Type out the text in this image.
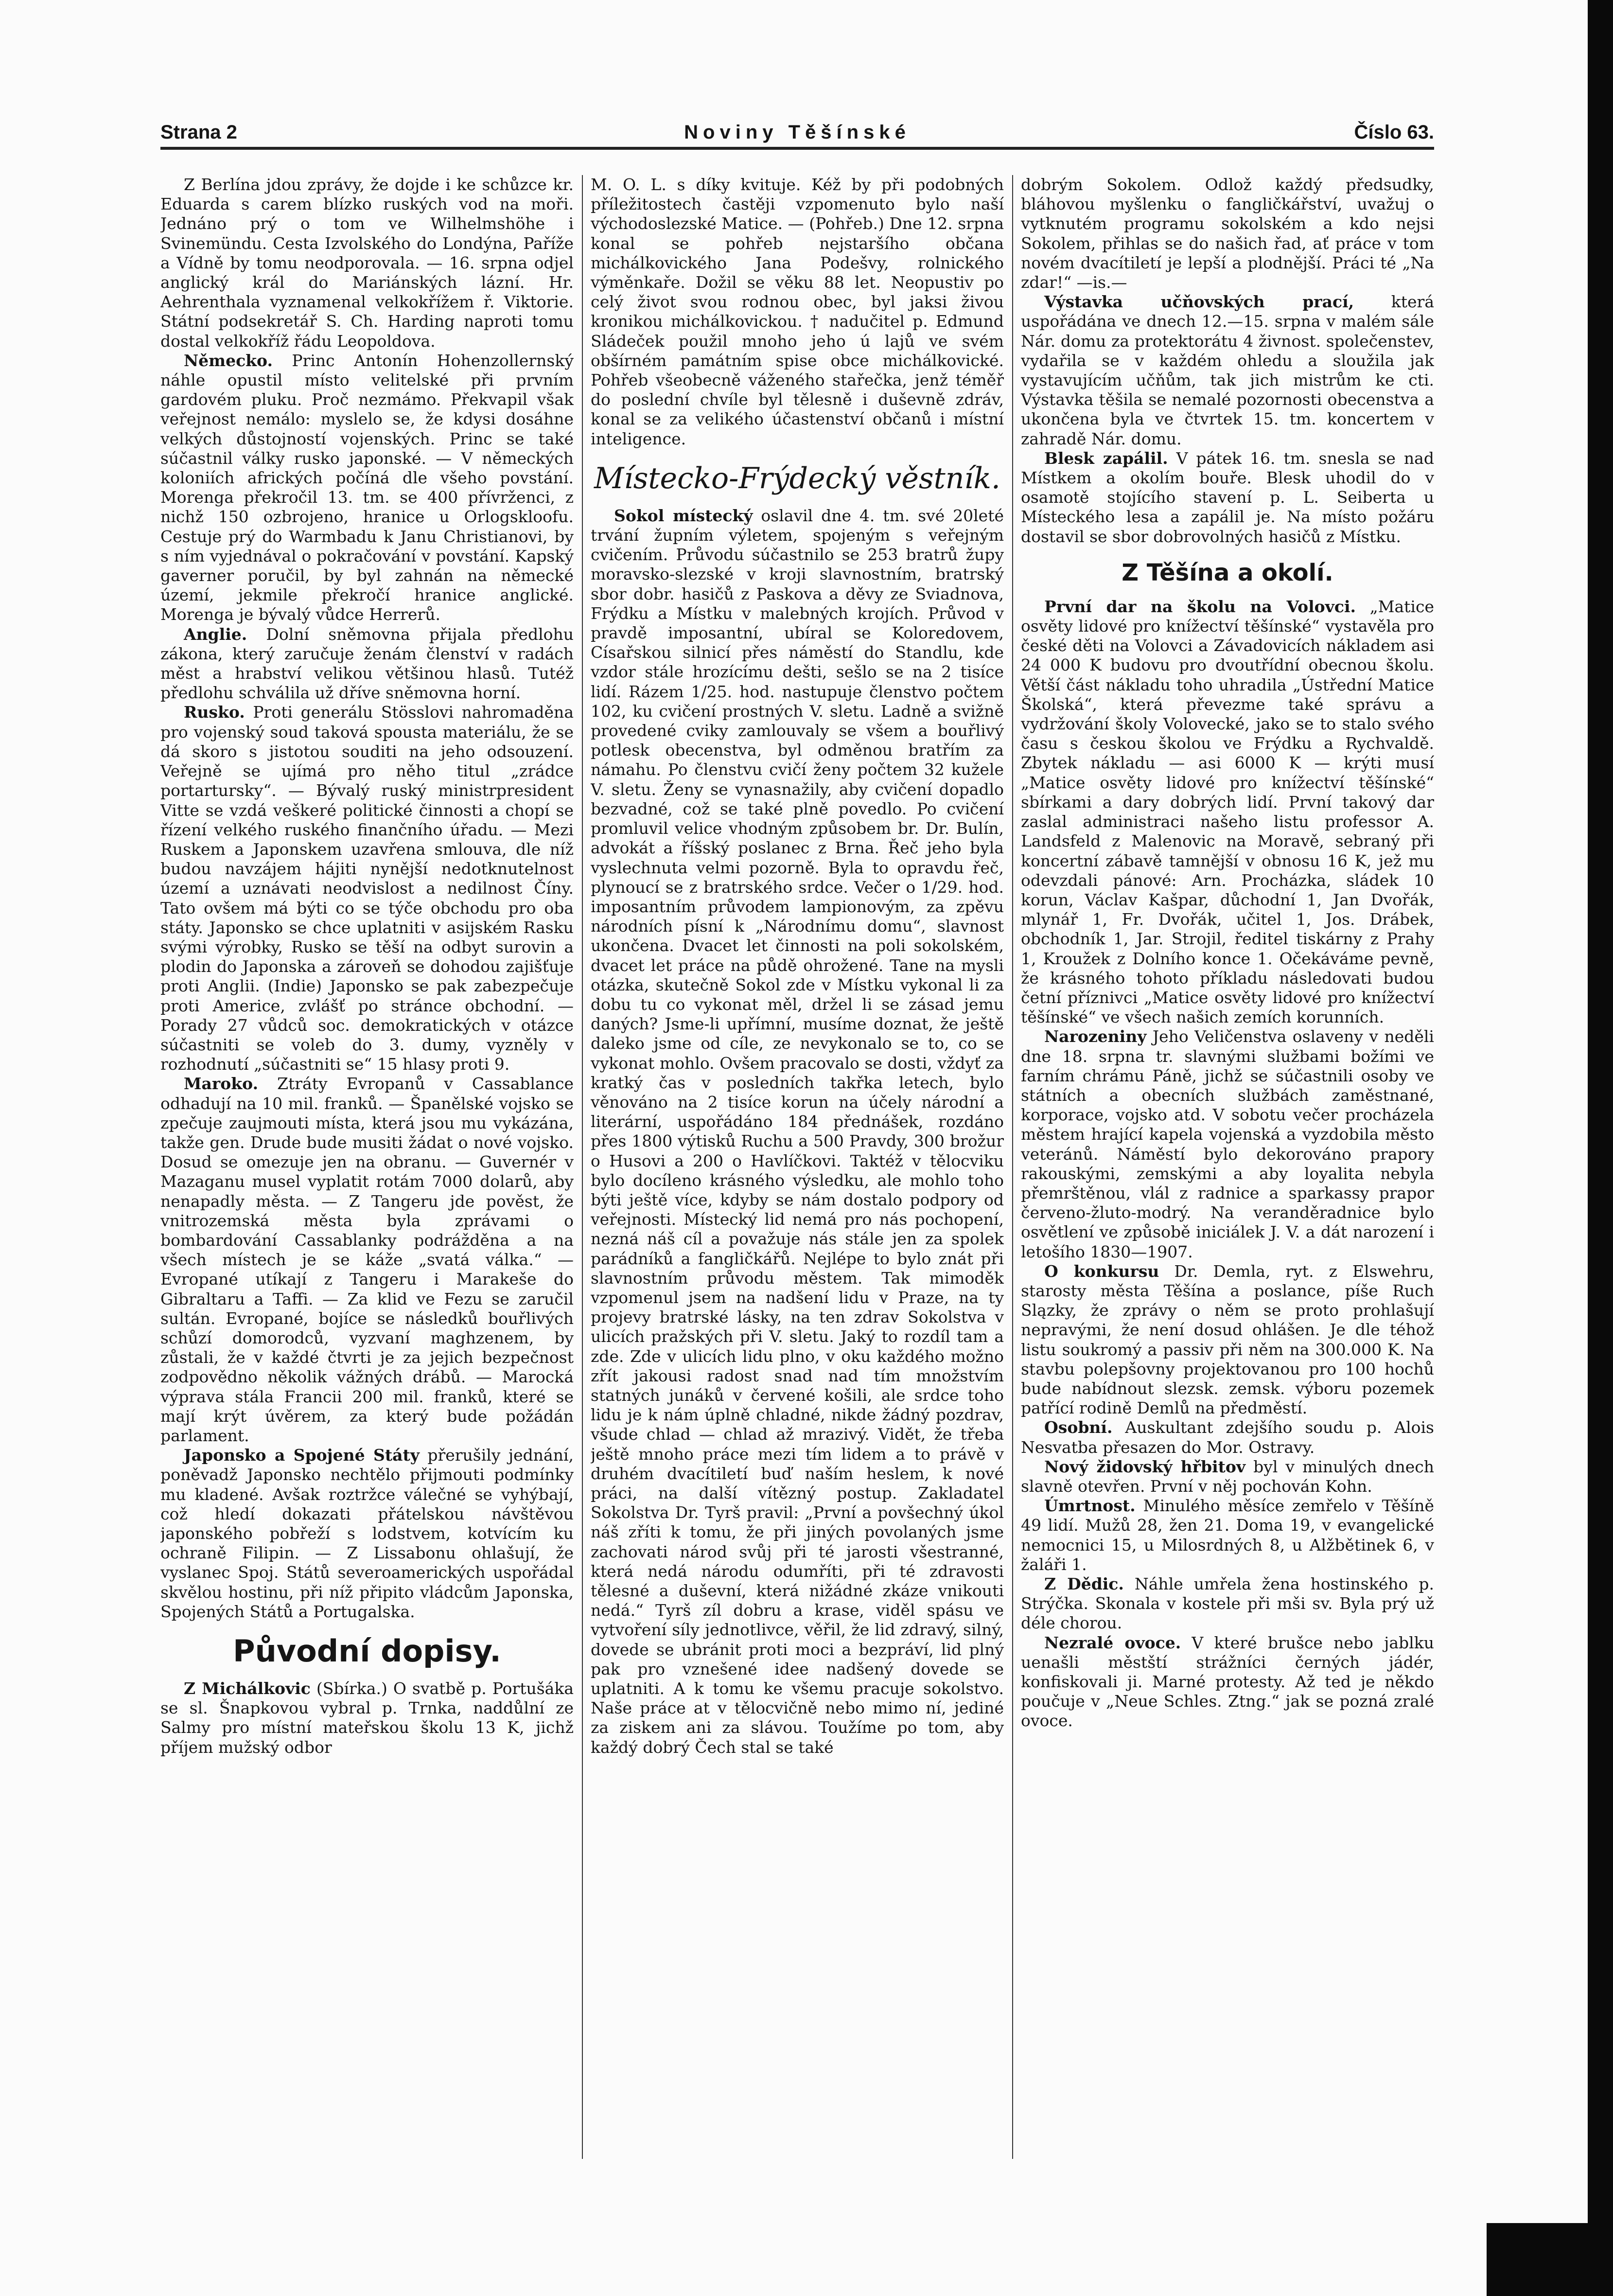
Strana 2	Noviny Těšínské	Číslo 63.

Z Berlína jdou zprávy, že dojde i ke schůzce kr. Eduarda s carem blízko ruských vod na moři. Jednáno prý o tom ve Wilhelmshöhe i Svinemündu. Cesta Izvolského do Londýna, Paříže a Vídně by tomu neodporovala. — 16. srpna odjel anglický král do Mariánských lázní. Hr. Aehrenthala vyznamenal velkokřížem ř. Viktorie. Státní podsekretář S. Ch. Harding naproti tomu dostal velkokříž řádu Leopoldova.

Německo. Princ Antonín Hohenzollernský náhle opustil místo velitelské při prvním gardovém pluku. Proč nezmámo. Překvapil však veřejnost nemálo: myslelo se, že kdysi dosáhne velkých důstojností vojenských. Princ se také súčastnil války rusko japonské. — V německých koloniích afrických počíná dle všeho povstání. Morenga překročil 13. tm. se 400 přívrženci, z nichž 150 ozbrojeno, hranice u Orlogskloofu. Cestuje prý do Warmbadu k Janu Christianovi, by s ním vyjednával o pokračování v povstání. Kapský gaverner poručil, by byl zahnán na německé území, jekmile překročí hranice anglické. Morenga je bývalý vůdce Herrerů.

Anglie. Dolní sněmovna přijala předlohu zákona, který zaručuje ženám členství v radách měst a hrabství velikou většinou hlasů. Tutéž předlohu schválila už dříve sněmovna horní.

Rusko. Proti generálu Stösslovi nahromaděna pro vojenský soud taková spousta materiálu, že se dá skoro s jistotou souditi na jeho odsouzení. Veřejně se ujímá pro něho titul „zrádce portartursky“. — Bývalý ruský ministrpresident Vitte se vzdá veškeré politické činnosti a chopí se řízení velkého ruského finančního úřadu. — Mezi Ruskem a Japonskem uzavřena smlouva, dle níž budou navzájem hájiti nynější nedotknutelnost území a uznávati neodvislost a nedilnost Číny. Tato ovšem má býti co se týče obchodu pro oba státy. Japonsko se chce uplatniti v asijském Rasku svými výrobky, Rusko se těší na odbyt surovin a plodin do Japonska a zároveň se dohodou zajišťuje proti Anglii. (Indie) Japonsko se pak zabezpečuje proti Americe, zvlášť po stránce obchodní. — Porady 27 vůdců soc. demokratických v otázce súčastniti se voleb do 3. dumy, vyzněly v rozhodnutí „súčastniti se“ 15 hlasy proti 9.

Maroko. Ztráty Evropanů v Cassablance odhadují na 10 mil. franků. — Španělské vojsko se zpečuje zaujmouti místa, která jsou mu vykázána, takže gen. Drude bude musiti žádat o nové vojsko. Dosud se omezuje jen na obranu. — Guvernér v Mazaganu musel vyplatit rotám 7000 dolarů, aby nenapadly města. — Z Tangeru jde pověst, že vnitrozemská města byla zprávami o bombardování Cassablanky podrážděna a na všech místech je se káže „svatá válka.“ — Evropané utíkají z Tangeru i Marakeše do Gibraltaru a Taffi. — Za klid ve Fezu se zaručil sultán. Evropané, bojíce se následků bouřlivých schůzí domorodců, vyzvaní maghzenem, by zůstali, že v každé čtvrti je za jejich bezpečnost zodpovědno několik vážných drábů. — Marocká výprava stála Francii 200 mil. franků, které se mají krýt úvěrem, za který bude požádán parlament.

Japonsko a Spojené Státy přerušily jednání, poněvadž Japonsko nechtělo přijmouti podmínky mu kladené. Avšak roztržce válečné se vyhýbají, což hledí dokazati přátelskou návštěvou japonského pobřeží s lodstvem, kotvícím ku ochraně Filipin. — Z Lissabonu ohlašují, že vyslanec Spoj. Států severoamerických uspořádal skvělou hostinu, při níž připito vládcům Japonska, Spojených Států a Portugalska.

Původní dopisy.

Z Michálkovic (Sbírka.) O svatbě p. Portušáka se sl. Šnapkovou vybral p. Trnka, naddůlní ze Salmy pro místní mateřskou školu 13 K, jichž příjem mužský odbor

M. O. L. s díky kvituje. Kéž by při podobných příležitostech častěji vzpomenuto bylo naší východoslezské Matice. — (Pohřeb.) Dne 12. srpna konal se pohřeb nejstaršího občana michálkovického Jana Podešvy, rolnického výměnkaře. Dožil se věku 88 let. Neopustiv po celý život svou rodnou obec, byl jaksi živou kronikou michálkovickou. † nadučitel p. Edmund Sládeček použil mnoho jeho ú lajů ve svém obšírném památním spise obce michálkovické. Pohřeb všeobecně váženého stařečka, jenž téměř do poslední chvíle byl tělesně i duševně zdráv, konal se za velikého účastenství občanů i místní inteligence.

Místecko-Frýdecký věstník.

Sokol místecký oslavil dne 4. tm. své 20leté trvání župním výletem, spojeným s veřejným cvičením. Průvodu súčastnilo se 253 bratrů župy moravsko-slezské v kroji slavnostním, bratrský sbor dobr. hasičů z Paskova a děvy ze Sviadnova, Frýdku a Místku v malebných krojích. Průvod v pravdě imposantní, ubíral se Koloredovem, Císařskou silnicí přes náměstí do Standlu, kde vzdor stále hrozícímu dešti, sešlo se na 2 tisíce lidí. Rázem 1/25. hod. nastupuje členstvo počtem 102, ku cvičení prostných V. sletu. Ladně a svižně provedené cviky zamlouvaly se všem a bouřlivý potlesk obecenstva, byl odměnou bratřím za námahu. Po členstvu cvičí ženy počtem 32 kužele V. sletu. Ženy se vynasnažily, aby cvičení dopadlo bezvadné, což se také plně povedlo. Po cvičení promluvil velice vhodným způsobem br. Dr. Bulín, advokát a říšský poslanec z Brna. Řeč jeho byla vyslechnuta velmi pozorně. Byla to opravdu řeč, plynoucí se z bratrského srdce. Večer o 1/29. hod. imposantním průvodem lampionovým, za zpěvu národních písní k „Národnímu domu“, slavnost ukončena. Dvacet let činnosti na poli sokolském, dvacet let práce na půdě ohrožené. Tane na mysli otázka, skutečně Sokol zde v Místku vykonal li za dobu tu co vykonat měl, držel li se zásad jemu daných? Jsme-li upřímní, musíme doznat, že ještě daleko jsme od cíle, ze nevykonalo se to, co se vykonat mohlo. Ovšem pracovalo se dosti, vždyť za kratký čas v posledních takřka letech, bylo věnováno na 2 tisíce korun na účely národní a literární, uspořádáno 184 přednášek, rozdáno přes 1800 výtisků Ruchu a 500 Pravdy, 300 brožur o Husovi a 200 o Havlíčkovi. Taktéž v tělocviku bylo docíleno krásného výsledku, ale mohlo toho býti ještě více, kdyby se nám dostalo podpory od veřejnosti. Místecký lid nemá pro nás pochopení, nezná náš cíl a považuje nás stále jen za spolek parádníků a fangličkářů. Nejlépe to bylo znát při slavnostním průvodu městem. Tak mimoděk vzpomenul jsem na nadšení lidu v Praze, na ty projevy bratrské lásky, na ten zdrav Sokolstva v ulicích pražských při V. sletu. Jaký to rozdíl tam a zde. Zde v ulicích lidu plno, v oku každého možno zřít jakousi radost snad nad tím množstvím statných junáků v červené košili, ale srdce toho lidu je k nám úplně chladné, nikde žádný pozdrav, všude chlad — chlad až mrazivý. Vidět, že třeba ještě mnoho práce mezi tím lidem a to právě v druhém dvacítiletí buď naším heslem, k nové práci, na další vítězný postup. Zakladatel Sokolstva Dr. Tyrš pravil: „První a povšechný úkol náš zříti k tomu, že při jiných povolaných jsme zachovati národ svůj při té jarosti všestranné, která nedá národu odumříti, při té zdravosti tělesné a duševní, která nižádné zkáze vnikouti nedá.“ Tyrš zíl dobru a krase, viděl spásu ve vytvoření síly jednotlivce, věřil, že lid zdravý, silný, dovede se ubránit proti moci a bezpráví, lid plný pak pro vznešené idee nadšený dovede se uplatniti. A k tomu ke všemu pracuje sokolstvo. Naše práce at v tělocvičně nebo mimo ní, jediné za ziskem ani za slávou. Toužíme po tom, aby každý dobrý Čech stal se také

dobrým Sokolem. Odlož každý předsudky, bláhovou myšlenku o fangličkářství, uvažuj o vytknutém programu sokolském a kdo nejsi Sokolem, přihlas se do našich řad, ať práce v tom novém dvacítiletí je lepší a plodnější. Práci té „Na zdar!“ —is.—

Výstavka učňovských prací, která uspořádána ve dnech 12.—15. srpna v malém sále Nár. domu za protektorátu 4 živnost. společenstev, vydařila se v každém ohledu a sloužila jak vystavujícím učňům, tak jich mistrům ke cti. Výstavka těšila se nemalé pozornosti obecenstva a ukončena byla ve čtvrtek 15. tm. koncertem v zahradě Nár. domu.

Blesk zapálil. V pátek 16. tm. snesla se nad Místkem a okolím bouře. Blesk uhodil do v osamotě stojícího stavení p. L. Seiberta u Místeckého lesa a zapálil je. Na místo požáru dostavil se sbor dobrovolných hasičů z Místku.

Z Těšína a okolí.

První dar na školu na Volovci. „Matice osvěty lidové pro knížectví těšínské“ vystavěla pro české děti na Volovci a Závadovicích nákladem asi 24 000 K budovu pro dvoutřídní obecnou školu. Větší část nákladu toho uhradila „Ústřední Matice Školská“, která převezme také správu a vydržování školy Volovecké, jako se to stalo svého času s českou školou ve Frýdku a Rychvaldě. Zbytek nákladu — asi 6000 K — krýti musí „Matice osvěty lidové pro knížectví těšínské“ sbírkami a dary dobrých lidí. První takový dar zaslal administraci našeho listu professor A. Landsfeld z Malenovic na Moravě, sebraný při koncertní zábavě tamnější v obnosu 16 K, jež mu odevzdali pánové: Arn. Procházka, sládek 10 korun, Václav Kašpar, důchodní 1, Jan Dvořák, mlynář 1, Fr. Dvořák, učitel 1, Jos. Drábek, obchodník 1, Jar. Strojil, ředitel tiskárny z Prahy 1, Kroužek z Dolního konce 1. Očekáváme pevně, že krásného tohoto příkladu následovati budou četní příznivci „Matice osvěty lidové pro knížectví těšínské“ ve všech našich zemích korunních.

Narozeniny Jeho Veličenstva oslaveny v neděli dne 18. srpna tr. slavnými službami božími ve farním chrámu Páně, jichž se súčastnili osoby ve státních a obecních službách zaměstnané, korporace, vojsko atd. V sobotu večer procházela městem hrající kapela vojenská a vyzdobila město veteránů. Náměstí bylo dekorováno prapory rakouskými, zemskými a aby loyalita nebyla přemrštěnou, vlál z radnice a sparkassy prapor červeno-žluto-modrý. Na veranděradnice bylo osvětlení ve způsobě iniciálek J. V. a dát narození i letošího 1830—1907.

O konkursu Dr. Demla, ryt. z Elswehru, starosty města Těšína a poslance, píše Ruch Slązky, že zprávy o něm se proto prohlašují nepravými, že není dosud ohlášen. Je dle téhož listu soukromý a passiv při něm na 300.000 K. Na stavbu polepšovny projektovanou pro 100 hochů bude nabídnout slezsk. zemsk. výboru pozemek patřící rodině Demlů na předměstí.

Osobní. Auskultant zdejšího soudu p. Alois Nesvatba přesazen do Mor. Ostravy.

Nový židovský hřbitov byl v minulých dnech slavně otevřen. První v něj pochován Kohn.

Úmrtnost. Minulého měsíce zemřelo v Těšíně 49 lidí. Mužů 28, žen 21. Doma 19, v evangelické nemocnici 15, u Milosrdných 8, u Alžbětinek 6, v žaláři 1.

Z Dědic. Náhle umřela žena hostinského p. Strýčka. Skonala v kostele při mši sv. Byla prý už déle chorou.

Nezralé ovoce. V které brušce nebo jablku uenašli městští strážníci černých jádér, konfiskovali ji. Marné protesty. Až ted je někdo poučuje v „Neue Schles. Ztng.“ jak se pozná zralé ovoce.
